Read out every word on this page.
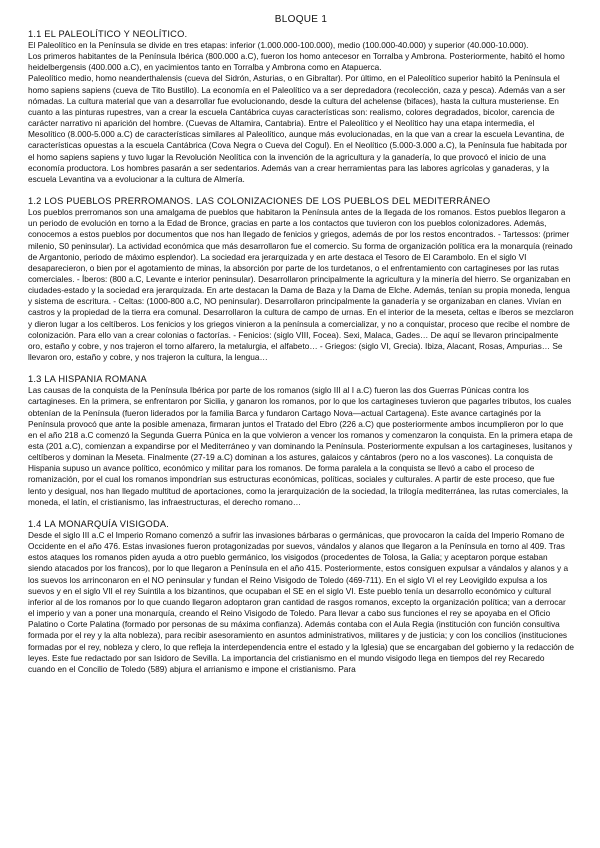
BLOQUE 1
1.1 EL PALEOLÍTICO Y NEOLÍTICO.

El Paleolítico en la Península se divide en tres etapas: inferior (1.000.000-100.000), medio (100.000-40.000) y superior (40.000-10.000).

Los primeros habitantes de la Península Ibérica (800.000 a.C), fueron los homo antecesor en Torralba y Ambrona. Posteriormente, habitó el homo heidelbergensis (400.000 a.C), en yacimientos tanto en Torralba y Ambrona como en Atapuerca.

Paleolítico medio, homo neanderthalensis (cueva del Sidrón, Asturias, o en Gibraltar). Por último, en el Paleolítico superior habitó la Península el homo sapiens sapiens (cueva de Tito Bustillo). La economía en el Paleolítico va a ser depredadora (recolección, caza y pesca). Además van a ser nómadas. La cultura material que van a desarrollar fue evolucionando, desde la cultura del achelense (bifaces), hasta la cultura musteriense. En cuanto a las pinturas rupestres, van a crear la escuela Cantábrica cuyas características son: realismo, colores degradados, bicolor, carencia de carácter narrativo ni aparición del hombre. (Cuevas de Altamira, Cantabria). Entre el Paleolítico y el Neolítico hay una etapa intermedia, el Mesolítico (8.000-5.000 a.C) de características similares al Paleolítico, aunque más evolucionadas, en la que van a crear la escuela Levantina, de características opuestas a la escuela Cantábrica (Cova Negra o Cueva del Cogul). En el Neolítico (5.000-3.000 a.C), la Península fue habitada por el homo sapiens sapiens y tuvo lugar la Revolución Neolítica con la invención de la agricultura y la ganadería, lo que provocó el inicio de una economía productora. Los hombres pasarán a ser sedentarios. Además van a crear herramientas para las labores agrícolas y ganaderas, y la escuela Levantina va a evolucionar a la cultura de Almería.

1.2 LOS PUEBLOS PRERROMANOS. LAS COLONIZACIONES DE LOS PUEBLOS DEL MEDITERRÁNEO

Los pueblos prerromanos son una amalgama de pueblos que habitaron la Península antes de la llegada de los romanos. Estos pueblos llegaron a un periodo de evolución en torno a la Edad de Bronce, gracias en parte a los contactos que tuvieron con los pueblos colonizadores. Además, conocemos a estos pueblos por documentos que nos han llegado de fenicios y griegos, además de por los restos encontrados. - Tartessos: (primer milenio, S0 peninsular). La actividad económica que más desarrollaron fue el comercio. Su forma de organización política era la monarquía (reinado de Argantonio, periodo de máximo esplendor). La sociedad era jerarquizada y en arte destaca el Tesoro de El Carambolo. En el siglo VI desaparecieron, o bien por el agotamiento de minas, la absorción por parte de los turdetanos, o el enfrentamiento con cartagineses por las rutas comerciales. - Íberos: (800 a.C, Levante e interior peninsular). Desarrollaron principalmente la agricultura y la minería del hierro. Se organizaban en ciudades-estado y la sociedad era jerarquizada. En arte destacan la Dama de Baza y la Dama de Elche. Además, tenían su propia moneda, lengua y sistema de escritura. - Celtas: (1000-800 a.C, NO peninsular). Desarrollaron principalmente la ganadería y se organizaban en clanes. Vivían en castros y la propiedad de la tierra era comunal. Desarrollaron la cultura de campo de urnas. En el interior de la meseta, celtas e íberos se mezclaron y dieron lugar a los celtíberos. Los fenicios y los griegos vinieron a la península a comercializar, y no a conquistar, proceso que recibe el nombre de colonización. Para ello van a crear colonias o factorías. - Fenicios: (siglo VIII, Focea). Sexi, Malaca, Gades… De aquí se llevaron principalmente oro, estaño y cobre, y nos trajeron el torno alfarero, la metalurgia, el alfabeto… - Griegos: (siglo VI, Grecia). Ibiza, Alacant, Rosas, Ampurias… Se llevaron oro, estaño y cobre, y nos trajeron la cultura, la lengua…

1.3 LA HISPANIA ROMANA

Las causas de la conquista de la Península Ibérica por parte de los romanos (siglo III al I a.C) fueron las dos Guerras Púnicas contra los cartagineses. En la primera, se enfrentaron por Sicilia, y ganaron los romanos, por lo que los cartagineses tuvieron que pagarles tributos, los cuales obtenían de la Península (fueron liderados por la familia Barca y fundaron Cartago Nova—actual Cartagena). Este avance cartaginés por la Península provocó que ante la posible amenaza, firmaran juntos el Tratado del Ebro (226 a.C) que posteriormente ambos incumplieron por lo que en el año 218 a.C comenzó la Segunda Guerra Púnica en la que volvieron a vencer los romanos y comenzaron la conquista. En la primera etapa de esta (201 a.C), comienzan a expandirse por el Mediterráneo y van dominando la Península. Posteriormente expulsan a los cartagineses, lusitanos y celtíberos y dominan la Meseta. Finalmente (27-19 a.C) dominan a los astures, galaicos y cántabros (pero no a los vascones). La conquista de Hispania supuso un avance político, económico y militar para los romanos. De forma paralela a la conquista se llevó a cabo el proceso de romanización, por el cual los romanos impondrían sus estructuras económicas, políticas, sociales y culturales. A partir de este proceso, que fue lento y desigual, nos han llegado multitud de aportaciones, como la jerarquización de la sociedad, la trilogía mediterránea, las rutas comerciales, la moneda, el latín, el cristianismo, las infraestructuras, el derecho romano…

1.4 LA MONARQUÍA VISIGODA.

Desde el siglo III a.C el Imperio Romano comenzó a sufrir las invasiones bárbaras o germánicas, que provocaron la caída del Imperio Romano de Occidente en el año 476. Estas invasiones fueron protagonizadas por suevos, vándalos y alanos que llegaron a la Península en torno al 409. Tras estos ataques los romanos piden ayuda a otro pueblo germánico, los visigodos (procedentes de Tolosa, la Galia; y aceptaron porque estaban siendo atacados por los francos), por lo que llegaron a Península en el año 415. Posteriormente, estos consiguen expulsar a vándalos y alanos y a los suevos los arrinconaron en el NO peninsular y fundan el Reino Visigodo de Toledo (469-711). En el siglo VI el rey Leovigildo expulsa a los suevos y en el siglo VII el rey Suintila a los bizantinos, que ocupaban el SE en el siglo VI. Este pueblo tenía un desarrollo económico y cultural inferior al de los romanos por lo que cuando llegaron adoptaron gran cantidad de rasgos romanos, excepto la organización política; van a derrocar el imperio y van a poner una monarquía, creando el Reino Visigodo de Toledo. Para llevar a cabo sus funciones el rey se apoyaba en el Oficio Palatino o Corte Palatina (formado por personas de su máxima confianza). Además contaba con el Aula Regia (institución con función consultiva formada por el rey y la alta nobleza), para recibir asesoramiento en asuntos administrativos, militares y de justicia; y con los concilios (instituciones formadas por el rey, nobleza y clero, lo que refleja la interdependencia entre el estado y la Iglesia) que se encargaban del gobierno y la redacción de leyes. Este fue redactado por san Isidoro de Sevilla. La importancia del cristianismo en el mundo visigodo llega en tiempos del rey Recaredo cuando en el Concilio de Toledo (589) abjura el arrianismo e impone el cristianismo. Para
